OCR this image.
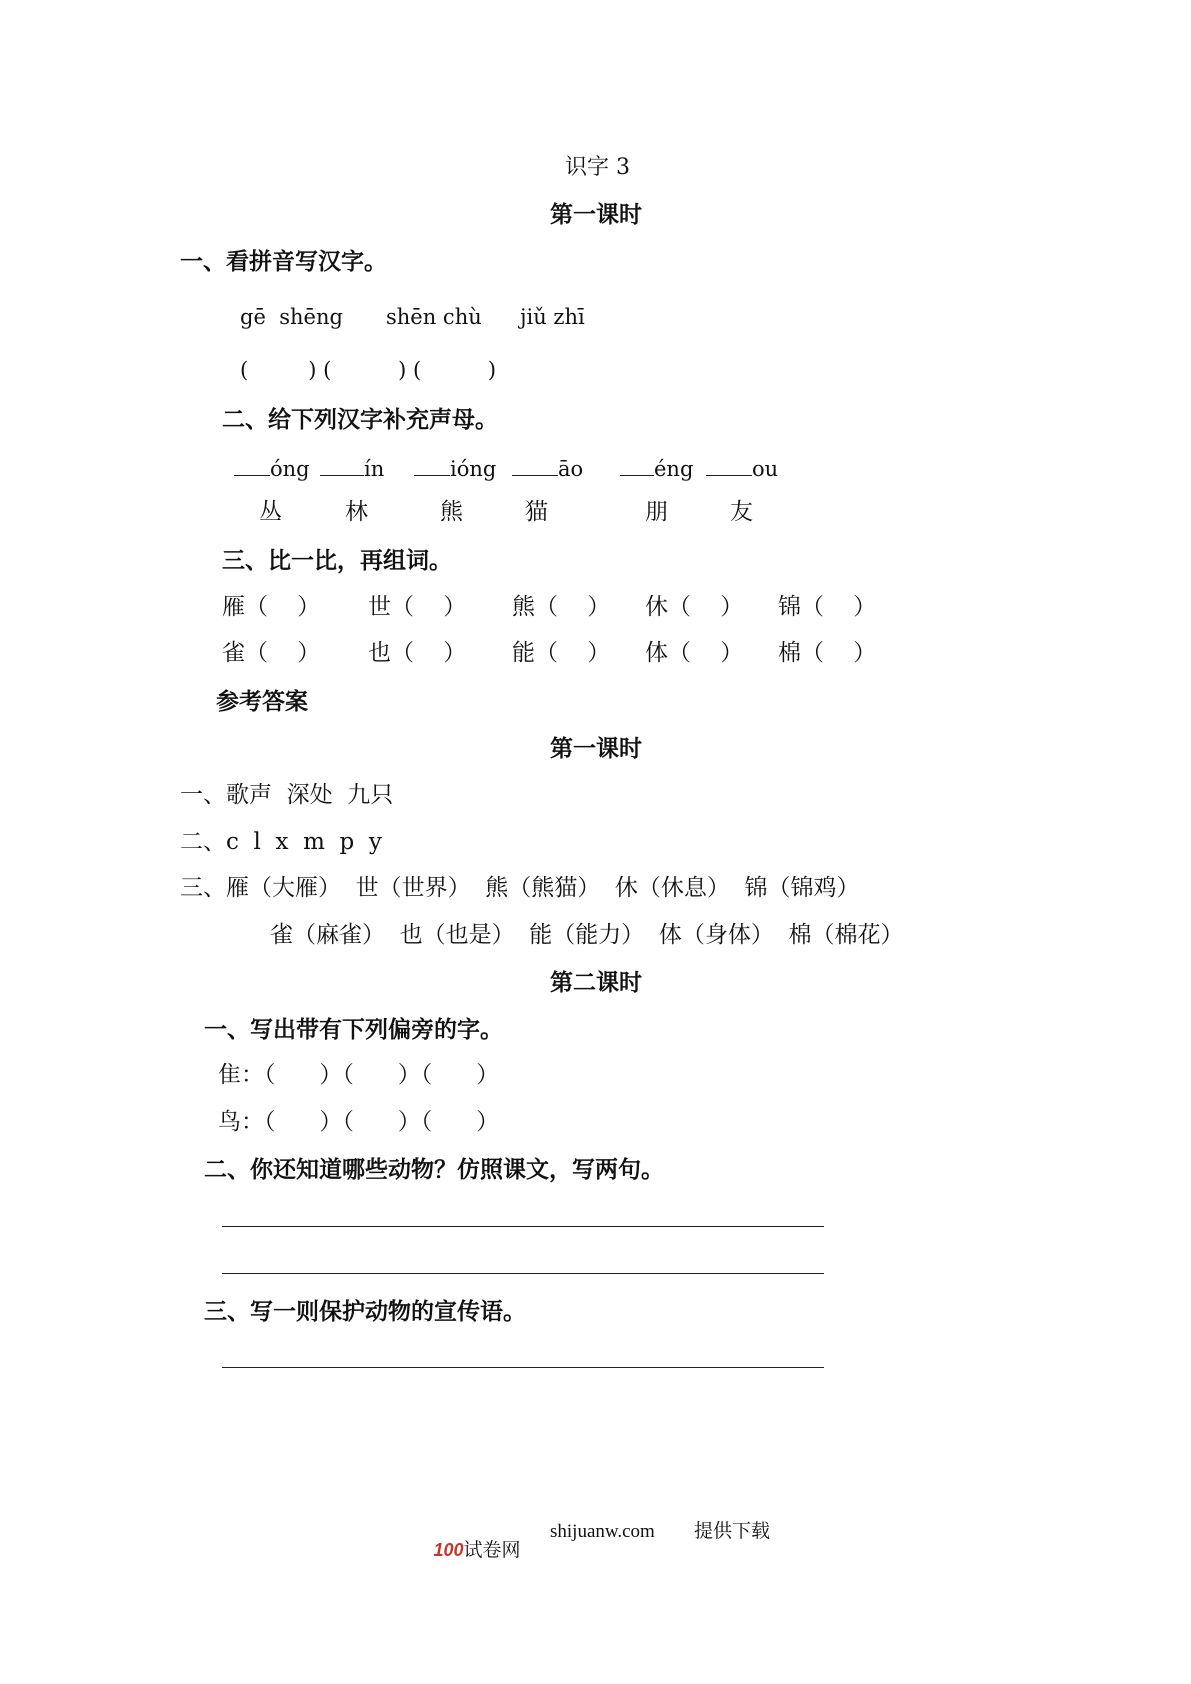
识字 3
第一课时
一、看拼音写汉字。
gē  shēng shēn chù jiǔ zhī
(         ) (          ) (          )
二、给下列汉字补充声母。
óng	ín	ióng	āo	éng	ou
丛	林	熊	猫	朋	友
三、比一比，再组词。
雁（    ） 世（    ） 熊（    ） 休（    ） 锦（    ）
雀（    ） 也（    ） 能（    ） 体（    ） 棉（    ）
参考答案
第一课时
一、歌声  深处  九只
二、c  l  x  m  p  y
三、雁（大雁）  世（世界）  熊（熊猫）  休（休息）  锦（锦鸡）
雀（麻雀）  也（也是）  能（能力）  体（身体）  棉（棉花）
第二课时
一、写出带有下列偏旁的字。
隹：（      ）（      ）（      ）
鸟：（      ）（      ）（      ）
二、你还知道哪些动物？仿照课文，写两句。
三、写一则保护动物的宣传语。

100试卷网

shijuanw.com 提供下载
